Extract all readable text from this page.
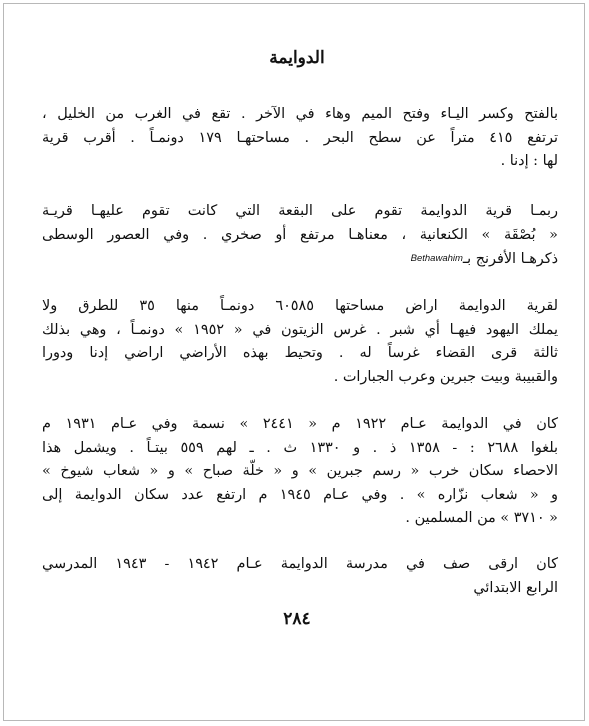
الدوايمة
بالفتح وكسر اليـاء وفتح الميم وهاء في الآخر . تقع في الغرب من الخليل ،
ترتفع ٤١٥ متراً عن سطح البحر . مساحتهـا ١٧٩ دونمـاً . أقرب قرية
لها : إدنا .
ربمـا قرية الدوايمة تقوم على البقعة التي كانت تقوم عليهـا قريـة
« بُصْقَة » الكنعانية ، معناهـا مرتفع أو صخري . وفي العصور الوسطى
ذكرهـا الأفرنج بـBethawahim
لقرية الدوايمة اراض مساحتها ٦٠٥٨٥ دونمـاً منها ٣٥ للطرق ولا
يملك اليهود فيهـا أي شبر . غرس الزيتون في « ١٩٥٢ » دونمـاً ، وهي بذلك
ثالثة قرى القضاء غرساً له . وتحيط بهذه الأراضي اراضي إدنا ودورا
والقبيبة وبيت جبرين وعرب الجبارات .
كان في الدوايمة عـام ١٩٢٢ م « ٢٤٤١ » نسمة وفي عـام ١٩٣١ م
بلغوا ٢٦٨٨ : - ١٣٥٨ ذ . و ١٣٣٠ ث . ـ لهم ٥٥٩ بيتـاً . ويشمل هذا
الاحصاء سكان خرب « رسم جبرين » و « خلّة صباح » و « شعاب شيوخ »
و « شعاب نزّاره » . وفي عـام ١٩٤٥ م ارتفع عدد سكان الدوايمة إلى
« ٣٧١٠ » من المسلمين .
كان ارقى صف في مدرسة الدوايمة عـام ١٩٤٢ - ١٩٤٣ المدرسي
الرابع الابتدائي
٢٨٤
